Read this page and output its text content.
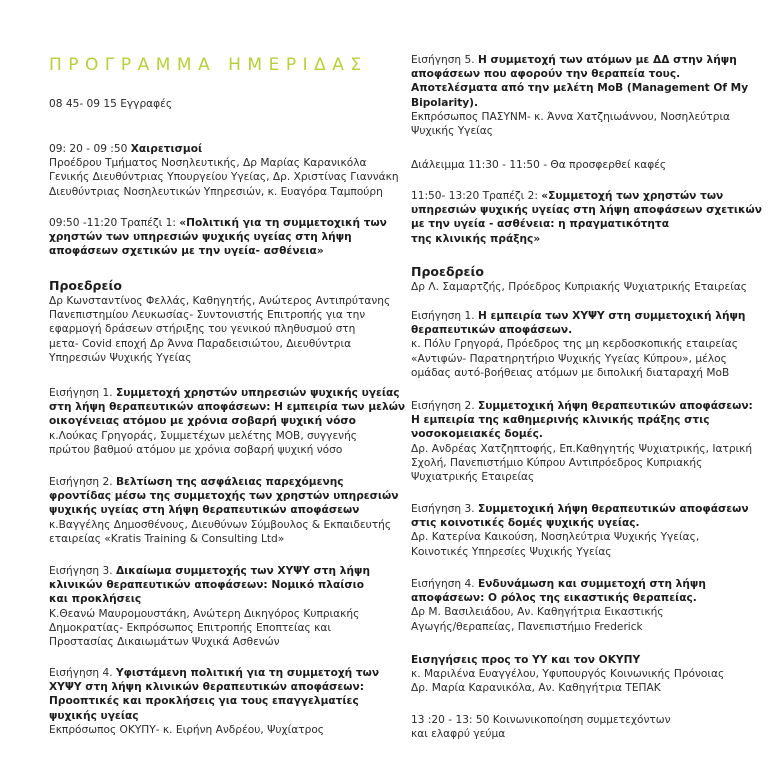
ΠΡΟΓΡΑΜΜΑ ΗΜΕΡΙΔΑΣ
08 45- 09 15 Εγγραφές
09: 20 - 09 :50 Χαιρετισμοί
Προέδρου Τμήματος Νοσηλευτικής, Δρ Μαρίας Καρανικόλα
Γενικής Διευθύντριας Υπουργείου Υγείας, Δρ. Χριστίνας Γιαννάκη
Διευθύντριας Νοσηλευτικών Υπηρεσιών, κ. Ευαγόρα Ταμπούρη
09:50 -11:20 Τραπέζι 1: «Πολιτική για τη συμμετοχική των
χρηστών των υπηρεσιών ψυχικής υγείας στη λήψη
αποφάσεων σχετικών με την υγεία- ασθένεια»
Προεδρείο
Δρ Κωνσταντίνος Φελλάς, Καθηγητής, Ανώτερος Αντιπρύτανης
Πανεπιστημίου Λευκωσίας- Συντονιστής Επιτροπής για την
εφαρμογή δράσεων στήριξης του γενικού πληθυσμού στη
μετα- Covid εποχή Δρ Άννα Παραδεισιώτου, Διευθύντρια
Υπηρεσιών Ψυχικής Υγείας
Εισήγηση 1. Συμμετοχή χρηστών υπηρεσιών ψυχικής υγείας
στη λήψη θεραπευτικών αποφάσεων: Η εμπειρία των μελών
οικογένειας ατόμου με χρόνια σοβαρή ψυχική νόσο
κ.Λούκας Γρηγοράς, Συμμετέχων μελέτης MOB, συγγενής
πρώτου βαθμού ατόμου με χρόνια σοβαρή ψυχική νόσο
Εισήγηση 2. Βελτίωση της ασφάλειας παρεχόμενης
φροντίδας μέσω της συμμετοχής των χρηστών υπηρεσιών
ψυχικής υγείας στη λήψη θεραπευτικών αποφάσεων
κ.Βαγγέλης Δημοσθένους, Διευθύνων Σύμβουλος & Εκπαιδευτής
εταιρείας «Kratis Training & Consulting Ltd»
Εισήγηση 3. Δικαίωμα συμμετοχής των ΧΥΨΥ στη λήψη
κλινικών θεραπευτικών αποφάσεων: Νομικό πλαίσιο
και προκλήσεις
Κ.Θεανώ Μαυρομουστάκη, Ανώτερη Δικηγόρος Κυπριακής
Δημοκρατίας- Εκπρόσωπος Επιτροπής Εποπτείας και
Προστασίας Δικαιωμάτων Ψυχικά Ασθενών
Εισήγηση 4. Υφιστάμενη πολιτική για τη συμμετοχή των
ΧΥΨΥ στη λήψη κλινικών θεραπευτικών αποφάσεων:
Προοπτικές και προκλήσεις για τους επαγγελματίες
ψυχικής υγείας
Εκπρόσωπος ΟΚΥΠΥ- κ. Ειρήνη Ανδρέου, Ψυχίατρος
Εισήγηση 5. Η συμμετοχή των ατόμων με ΔΔ στην λήψη
αποφάσεων που αφορούν την θεραπεία τους.
Αποτελέσματα από την μελέτη MoB (Management Of My
Bipolarity).
Εκπρόσωπος ΠΑΣΥΝΜ- κ. Άννα Χατζηιωάννου, Νοσηλεύτρια
Ψυχικής Υγείας
Διάλειμμα 11:30 - 11:50 - Θα προσφερθεί καφές
11:50- 13:20 Τραπέζι 2: «Συμμετοχή των χρηστών των
υπηρεσιών ψυχικής υγείας στη λήψη αποφάσεων σχετικών
με την υγεία - ασθένεια: η πραγματικότητα
της κλινικής πράξης»
Προεδρείο
Δρ Λ. Σαμαρτζής, Πρόεδρος Κυπριακής Ψυχιατρικής Εταιρείας
Εισήγηση 1. Η εμπειρία των ΧΥΨΥ στη συμμετοχική λήψη
θεραπευτικών αποφάσεων.
κ. Πόλυ Γρηγορά, Πρόεδρος της μη κερδοσκοπικής εταιρείας
«Αντιφών- Παρατηρητήριο Ψυχικής Υγείας Κύπρου», μέλος
ομάδας αυτό-βοήθειας ατόμων με διπολική διαταραχή MoB
Εισήγηση 2. Συμμετοχική λήψη θεραπευτικών αποφάσεων:
Η εμπειρία της καθημερινής κλινικής πράξης στις
νοσοκομειακές δομές.
Δρ. Ανδρέας Χατζηπτοφής, Επ.Καθηγητής Ψυχιατρικής, Ιατρική
Σχολή, Πανεπιστήμιο Κύπρου Αντιπρόεδρος Κυπριακής
Ψυχιατρικής Εταιρείας
Εισήγηση 3. Συμμετοχική λήψη θεραπευτικών αποφάσεων
στις κοινοτικές δομές ψυχικής υγείας.
Δρ. Κατερίνα Καικούση, Νοσηλεύτρια Ψυχικής Υγείας,
Κοινοτικές Υπηρεσίες Ψυχικής Υγείας
Εισήγηση 4. Ενδυνάμωση και συμμετοχή στη λήψη
αποφάσεων: Ο ρόλος της εικαστικής θεραπείας.
Δρ Μ. Βασιλειάδου, Αν. Καθηγήτρια Εικαστικής
Αγωγής/θεραπείας, Πανεπιστήμιο Frederick
Εισηγήσεις προς το ΥΥ και τον ΟΚΥΠΥ
κ. Μαριλένα Ευαγγέλου, Υφυπουργός Κοινωνικής Πρόνοιας
Δρ. Μαρία Καρανικόλα, Αν. Καθηγήτρια ΤΕΠΑΚ
13 :20 - 13: 50 Κοινωνικοποίηση συμμετεχόντων
και ελαφρύ γεύμα
